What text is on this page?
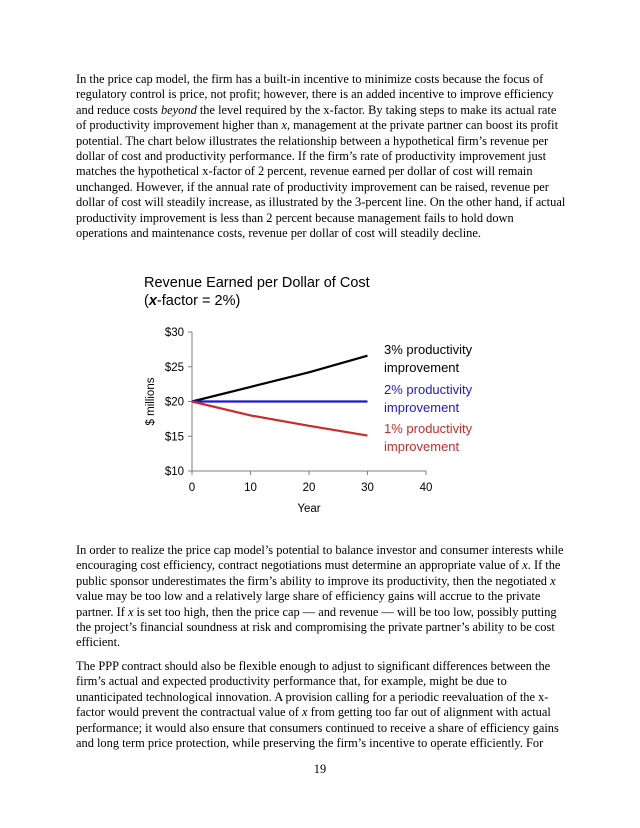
In the price cap model, the firm has a built-in incentive to minimize costs because the focus of regulatory control is price, not profit; however, there is an added incentive to improve efficiency and reduce costs beyond the level required by the x-factor. By taking steps to make its actual rate of productivity improvement higher than x, management at the private partner can boost its profit potential. The chart below illustrates the relationship between a hypothetical firm’s revenue per dollar of cost and productivity performance. If the firm’s rate of productivity improvement just matches the hypothetical x-factor of 2 percent, revenue earned per dollar of cost will remain unchanged. However, if the annual rate of productivity improvement can be raised, revenue per dollar of cost will steadily increase, as illustrated by the 3-percent line. On the other hand, if actual productivity improvement is less than 2 percent because management fails to hold down operations and maintenance costs, revenue per dollar of cost will steadily decline.

Revenue Earned per Dollar of Cost
(x-factor = 2%)
$10
$15
$20
$25
$30
0	10	20	30	40
Year
$ millions
3% productivity
improvement
2% productivity
improvement
1% productivity
improvement

In order to realize the price cap model’s potential to balance investor and consumer interests while encouraging cost efficiency, contract negotiations must determine an appropriate value of x. If the public sponsor underestimates the firm’s ability to improve its productivity, then the negotiated x value may be too low and a relatively large share of efficiency gains will accrue to the private partner. If x is set too high, then the price cap — and revenue — will be too low, possibly putting the project’s financial soundness at risk and compromising the private partner’s ability to be cost efficient.

The PPP contract should also be flexible enough to adjust to significant differences between the firm’s actual and expected productivity performance that, for example, might be due to unanticipated technological innovation. A provision calling for a periodic reevaluation of the x-factor would prevent the contractual value of x from getting too far out of alignment with actual performance; it would also ensure that consumers continued to receive a share of efficiency gains and long term price protection, while preserving the firm’s incentive to operate efficiently. For

19
